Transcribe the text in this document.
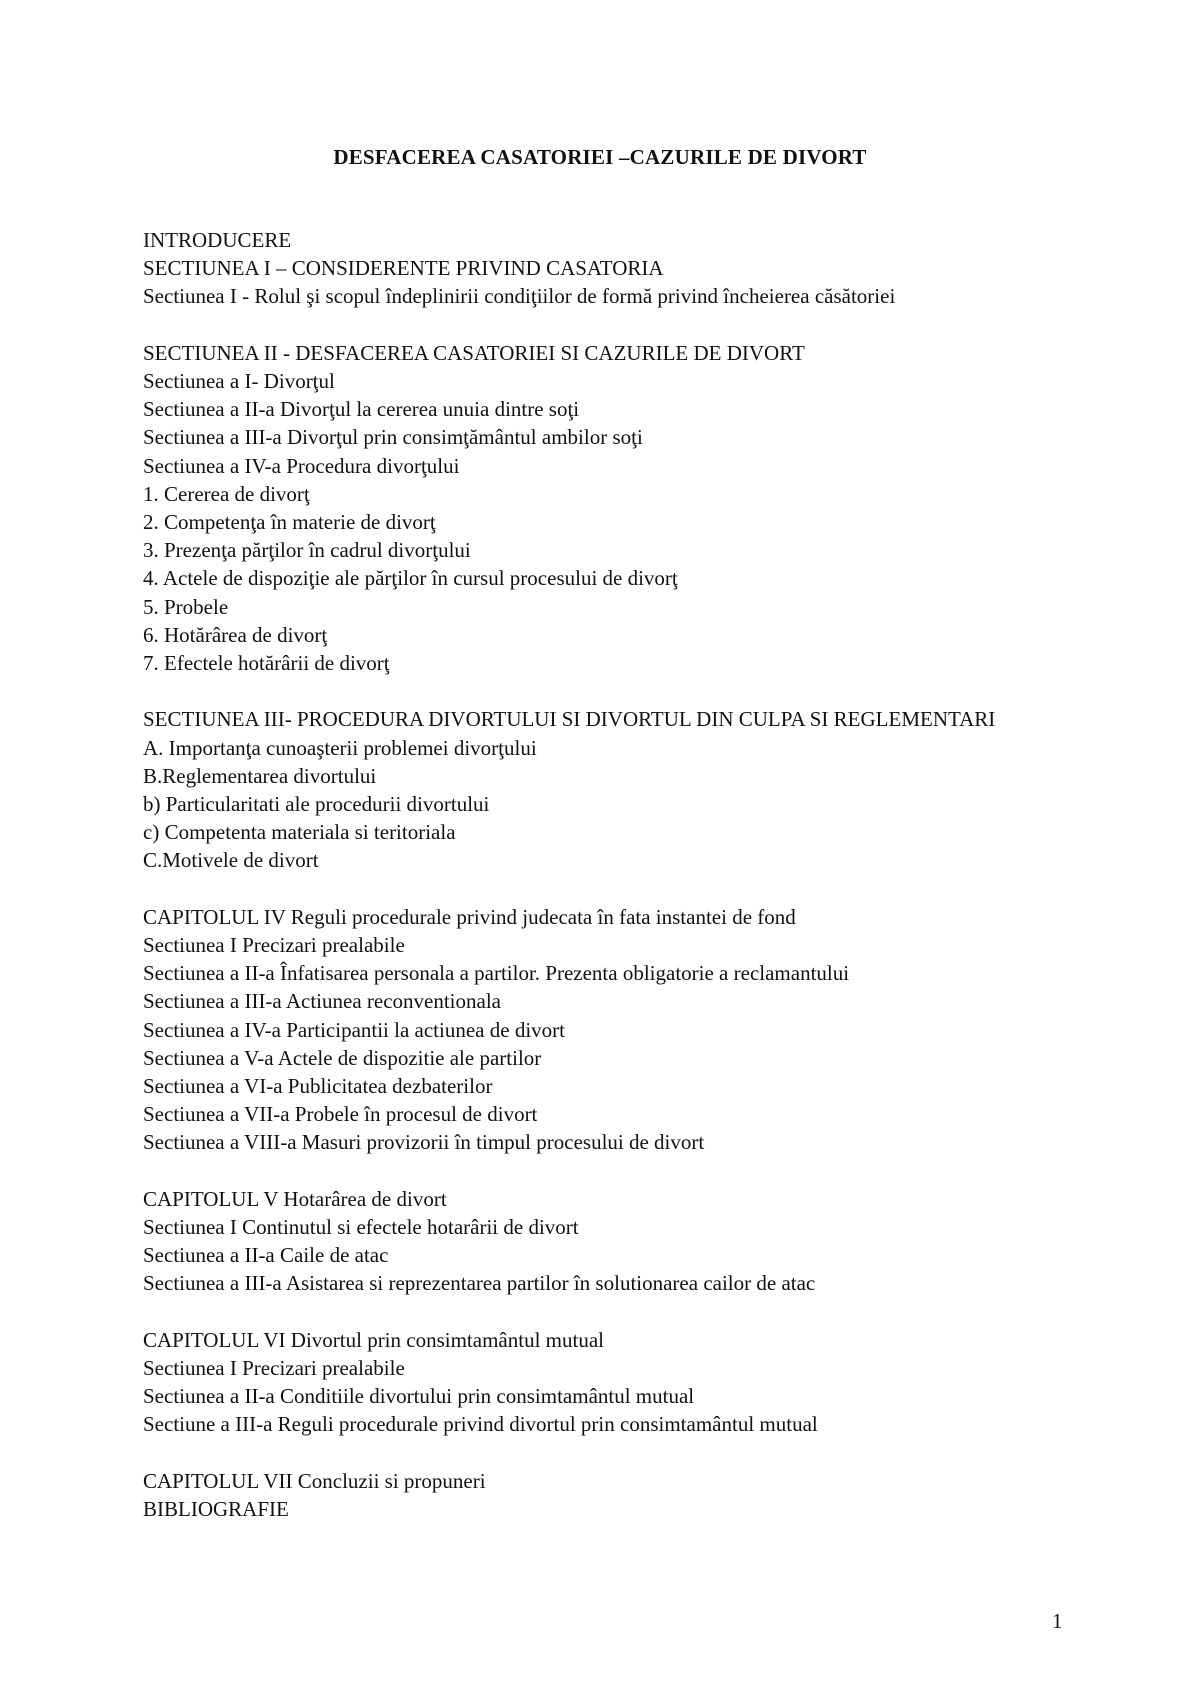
DESFACEREA CASATORIEI –CAZURILE DE DIVORT
INTRODUCERE
SECTIUNEA I – CONSIDERENTE PRIVIND CASATORIA
Sectiunea I - Rolul şi scopul îndeplinirii condiţiilor de formă privind încheierea căsătoriei
SECTIUNEA II - DESFACEREA CASATORIEI SI CAZURILE DE DIVORT
Sectiunea a I- Divorţul
Sectiunea a II-a Divorţul la cererea unuia dintre soţi
Sectiunea a III-a Divorţul prin consimţământul ambilor soţi
Sectiunea a IV-a Procedura divorţului
1. Cererea de divorţ
2. Competenţa în materie de divorţ
3. Prezenţa părţilor în cadrul divorţului
4. Actele de dispoziţie ale părţilor în cursul procesului de divorţ
5. Probele
6. Hotărârea de divorţ
7. Efectele hotărârii de divorţ
SECTIUNEA III- PROCEDURA DIVORTULUI SI DIVORTUL DIN CULPA SI REGLEMENTARI
A. Importanţa cunoaşterii problemei divorţului
B.Reglementarea divortului
b) Particularitati ale procedurii divortului
c) Competenta materiala si teritoriala
C.Motivele de divort
CAPITOLUL IV Reguli procedurale privind judecata în fata instantei de fond
Sectiunea I Precizari prealabile
Sectiunea a II-a Înfatisarea personala a partilor. Prezenta obligatorie a reclamantului
Sectiunea a III-a Actiunea reconventionala
Sectiunea a IV-a Participantii la actiunea de divort
Sectiunea a V-a Actele de dispozitie ale partilor
Sectiunea a VI-a Publicitatea dezbaterilor
Sectiunea a VII-a Probele în procesul de divort
Sectiunea a VIII-a Masuri provizorii în timpul procesului de divort
CAPITOLUL V Hotarârea de divort
Sectiunea I Continutul si efectele hotarârii de divort
Sectiunea a II-a Caile de atac
Sectiunea a III-a Asistarea si reprezentarea partilor în solutionarea cailor de atac
CAPITOLUL VI Divortul prin consimtamântul mutual
Sectiunea I Precizari prealabile
Sectiunea a II-a Conditiile divortului prin consimtamântul mutual
Sectiune a III-a Reguli procedurale privind divortul prin consimtamântul mutual
CAPITOLUL VII Concluzii si propuneri
BIBLIOGRAFIE
1
